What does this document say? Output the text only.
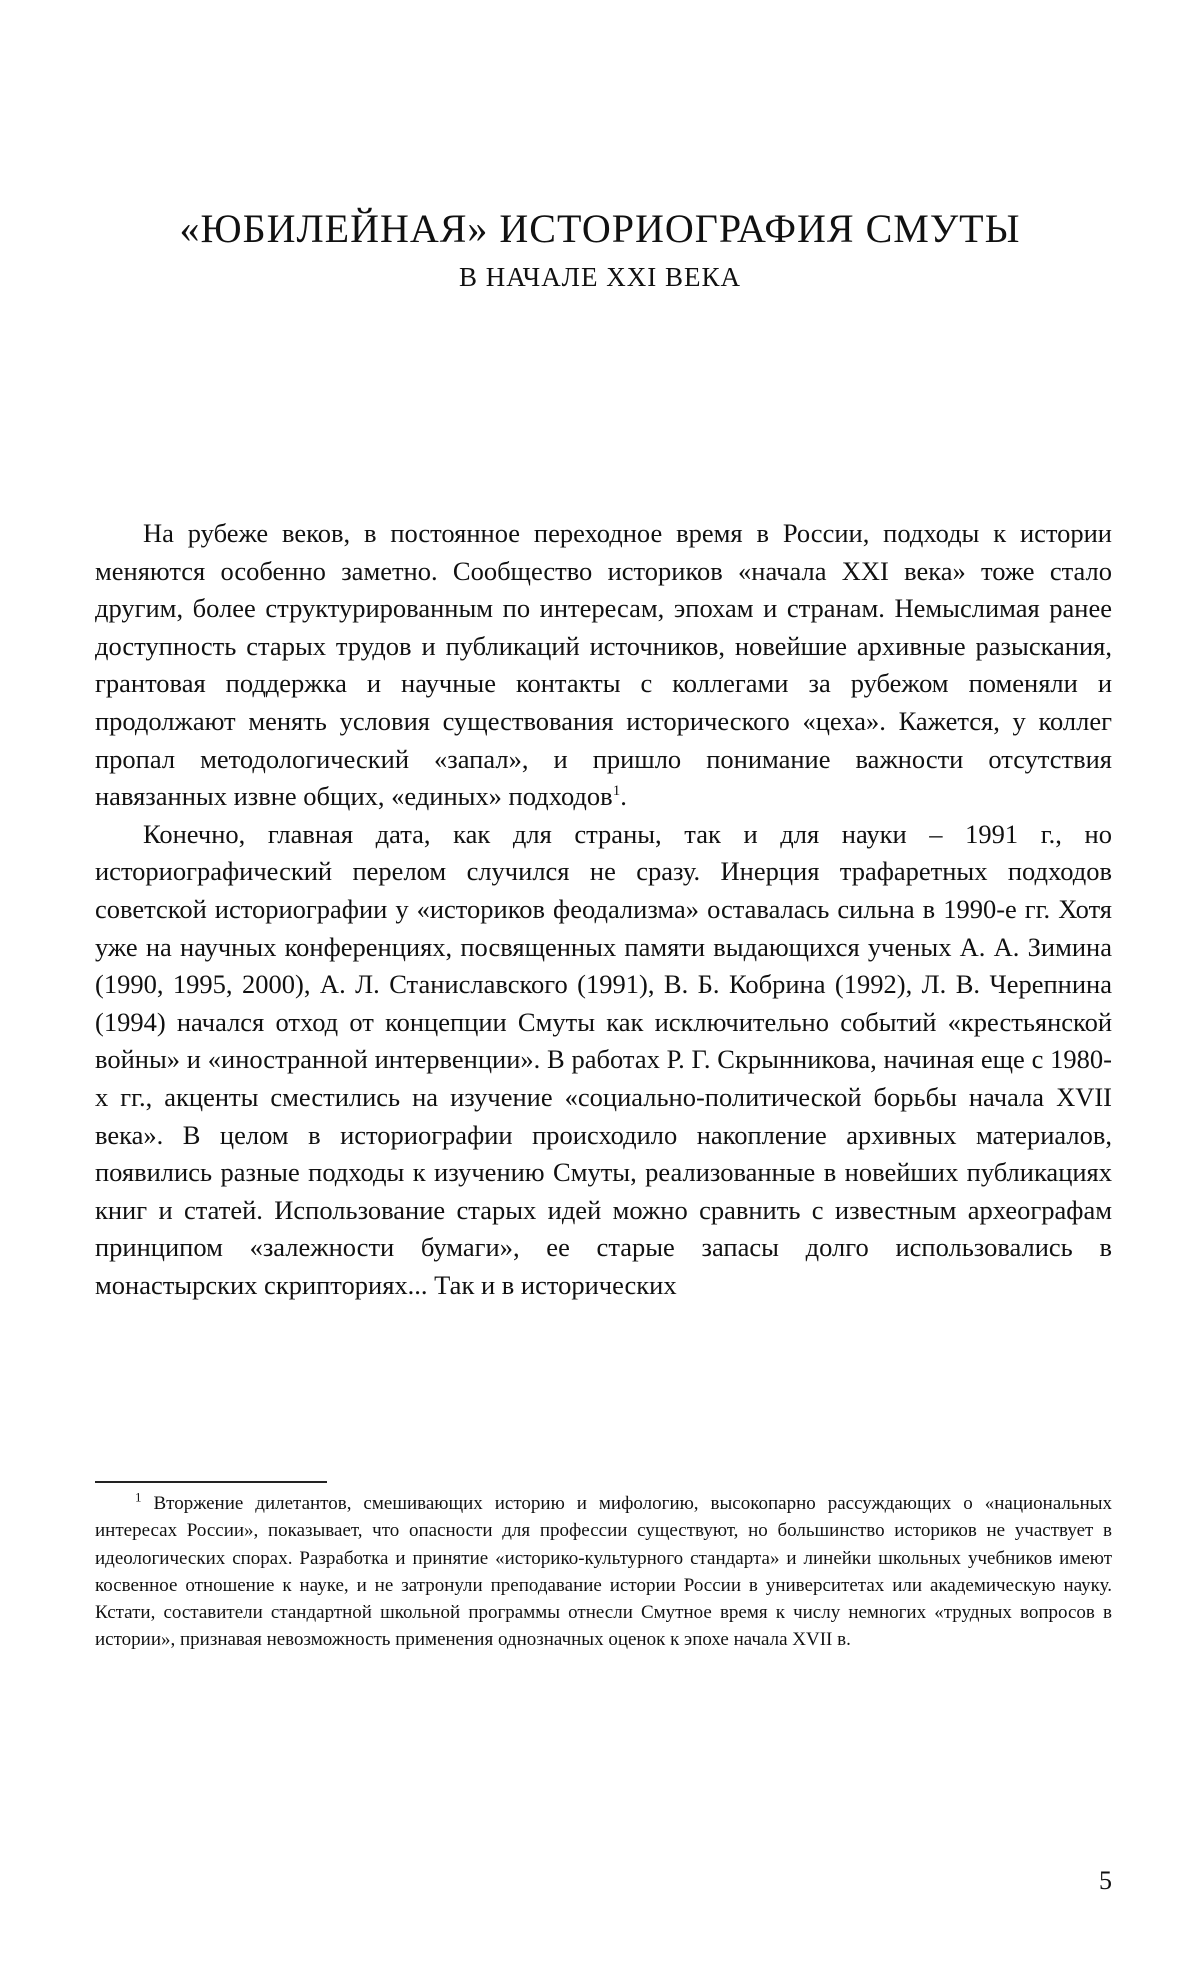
«ЮБИЛЕЙНАЯ» ИСТОРИОГРАФИЯ СМУТЫ
В НАЧАЛЕ XXI ВЕКА

На рубеже веков, в постоянное переходное время в России, подходы к истории меняются особенно заметно. Сообщество историков «начала XXI века» тоже стало другим, более структурированным по интересам, эпохам и странам. Немыслимая ранее доступность старых трудов и публикаций источников, новейшие архивные разыскания, грантовая поддержка и научные контакты с коллегами за рубежом поменяли и продолжают менять условия существования исторического «цеха». Кажется, у коллег пропал методологический «запал», и пришло понимание важности отсутствия навязанных извне общих, «единых» подходов$^1$.

Конечно, главная дата, как для страны, так и для науки – 1991 г., но историографический перелом случился не сразу. Инерция трафаретных подходов советской историографии у «историков феодализма» оставалась сильна в 1990-е гг. Хотя уже на научных конференциях, посвященных памяти выдающихся ученых А. А. Зимина (1990, 1995, 2000), А. Л. Станиславского (1991), В. Б. Кобрина (1992), Л. В. Черепнина (1994) начался отход от концепции Смуты как исключительно событий «крестьянской войны» и «иностранной интервенции». В работах Р. Г. Скрынникова, начиная еще с 1980-х гг., акценты сместились на изучение «социально-политической борьбы начала XVII века». В целом в историографии происходило накопление архивных материалов, появились разные подходы к изучению Смуты, реализованные в новейших публикациях книг и статей. Использование старых идей можно сравнить с известным археографам принципом «залежности бумаги», ее старые запасы долго использовались в монастырских скрипториях... Так и в исторических

$^1$ Вторжение дилетантов, смешивающих историю и мифологию, высокопарно рассуждающих о «национальных интересах России», показывает, что опасности для профессии существуют, но большинство историков не участвует в идеологических спорах. Разработка и принятие «историко-культурного стандарта» и линейки школьных учебников имеют косвенное отношение к науке, и не затронули преподавание истории России в университетах или академическую науку. Кстати, составители стандартной школьной программы отнесли Смутное время к числу немногих «трудных вопросов в истории», признавая невозможность применения однозначных оценок к эпохе начала XVII в.
5
